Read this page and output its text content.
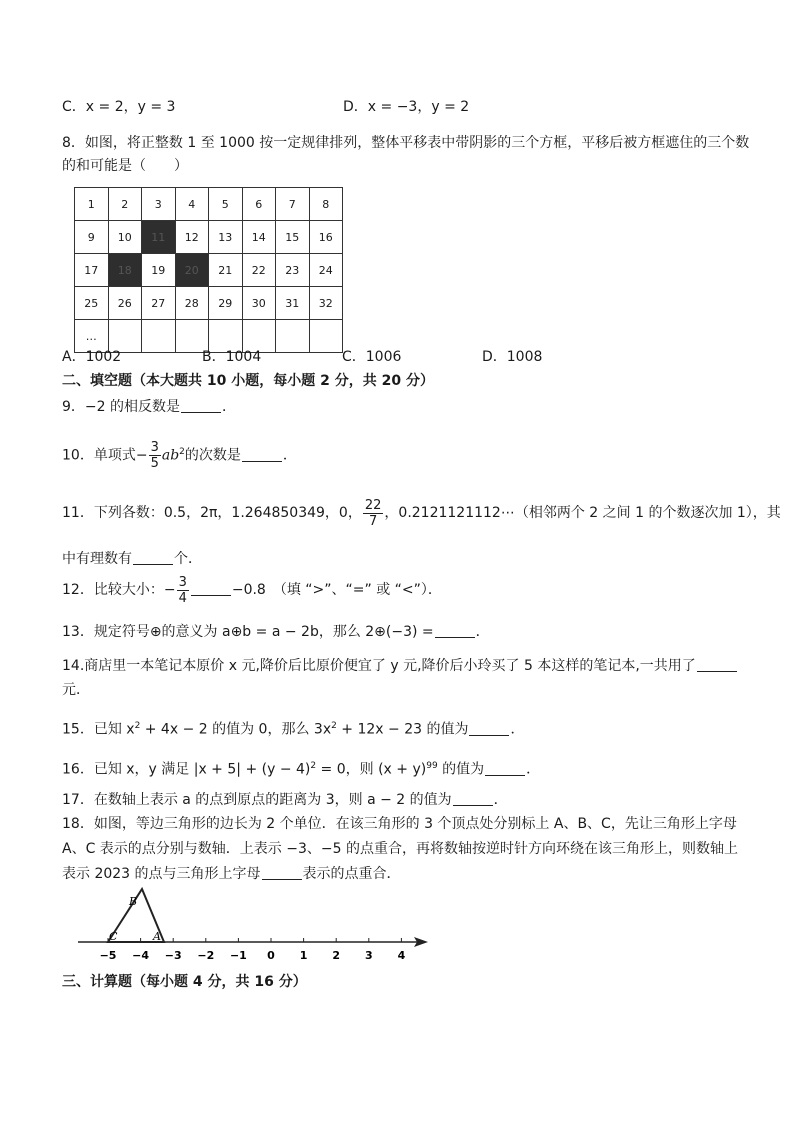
C．x = 2，y = 3	D．x = −3，y = 2
8．如图，将正整数 1 至 1000 按一定规律排列，整体平移表中带阴影的三个方框，平移后被方框遮住的三个数
的和可能是（　　）
1	2	3	4	5	6	7	8
9	10	11	12	13	14	15	16
17	18	19	20	21	22	23	24
25	26	27	28	29	30	31	32
…							
A．1002	B．1004	C．1006	D．1008
二、填空题（本大题共 10 小题，每小题 2 分，共 20 分）
9．−2 的相反数是	．
10．单项式− $\frac{3}{5} ab^2$的次数是	．
11．下列各数：0.5，2π，1.264850349，0， $\frac{22}{7}$ ，0.2121121112⋯（相邻两个 2 之间 1 的个数逐次加 1），其
中有理数有	个．
12．比较大小：− $\frac{3}{4}$	−0.8　（填 “>”、“=” 或 “<”）．
13．规定符号⊕的意义为 a⊕b = a − 2b，那么 2⊕(−3) =	．
14.商店里一本笔记本原价 x 元,降价后比原价便宜了 y 元,降价后小玲买了 5 本这样的笔记本,一共用了
元．
15．已知 $x^2 + 4x - 2$ 的值为 0，那么 $3x^2 + 12x - 23$ 的值为	．
16．已知 x，y 满足 $|x + 5| + (y - 4)^2 = 0$，则 $(x + y)^{99}$ 的值为	．
17．在数轴上表示 a 的点到原点的距离为 3，则 a − 2 的值为	．
18．如图，等边三角形的边长为 2 个单位．在该三角形的 3 个顶点处分别标上 A、B、C，先让三角形上字母
A、C 表示的点分别与数轴．上表示 −3、−5 的点重合，再将数轴按逆时针方向环绕在该三角形上，则数轴上
表示 2023 的点与三角形上字母	表示的点重合．
B
C	A
−5 −4 −3 −2 −1 0 1 2 3 4
三、计算题（每小题 4 分，共 16 分）
